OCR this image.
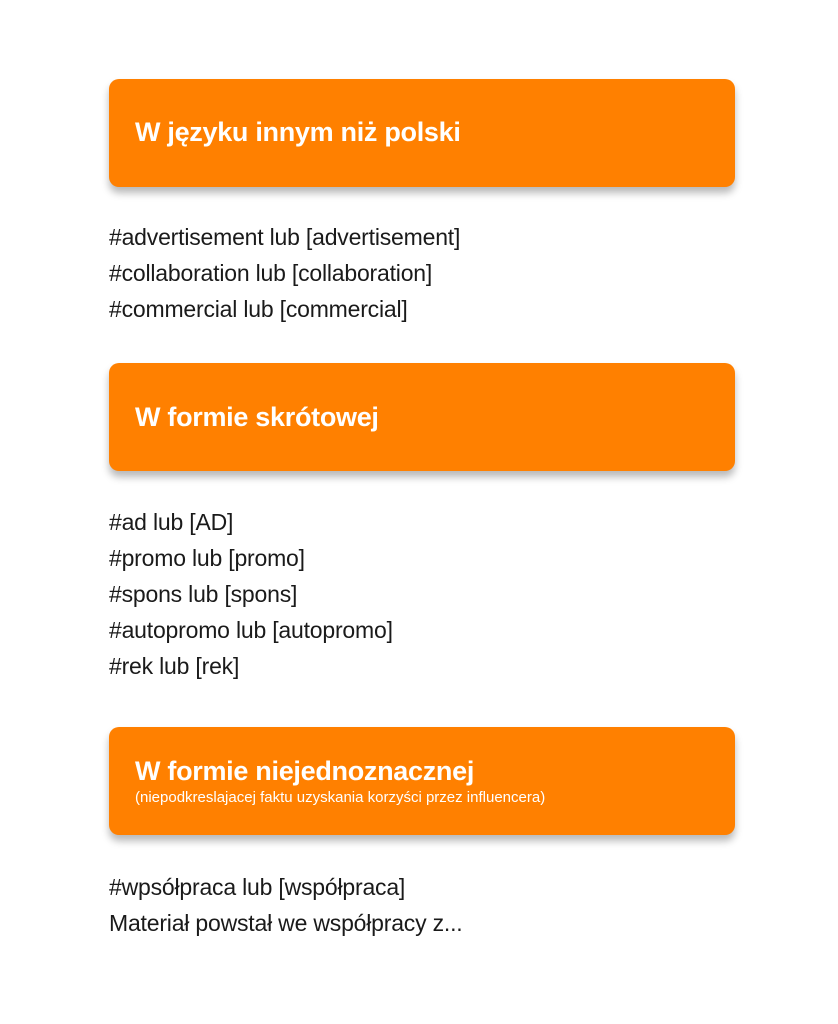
W języku innym niż polski
#advertisement lub [advertisement]
#collaboration lub [collaboration]
#commercial lub [commercial]
W formie skrótowej
#ad lub [AD]
#promo lub [promo]
#spons lub [spons]
#autopromo lub [autopromo]
#rek lub [rek]
W formie niejednoznacznej
(niepodkreslajacej faktu uzyskania korzyści przez influencera)
#wpsółpraca lub [współpraca]
Materiał powstał we współpracy z...
